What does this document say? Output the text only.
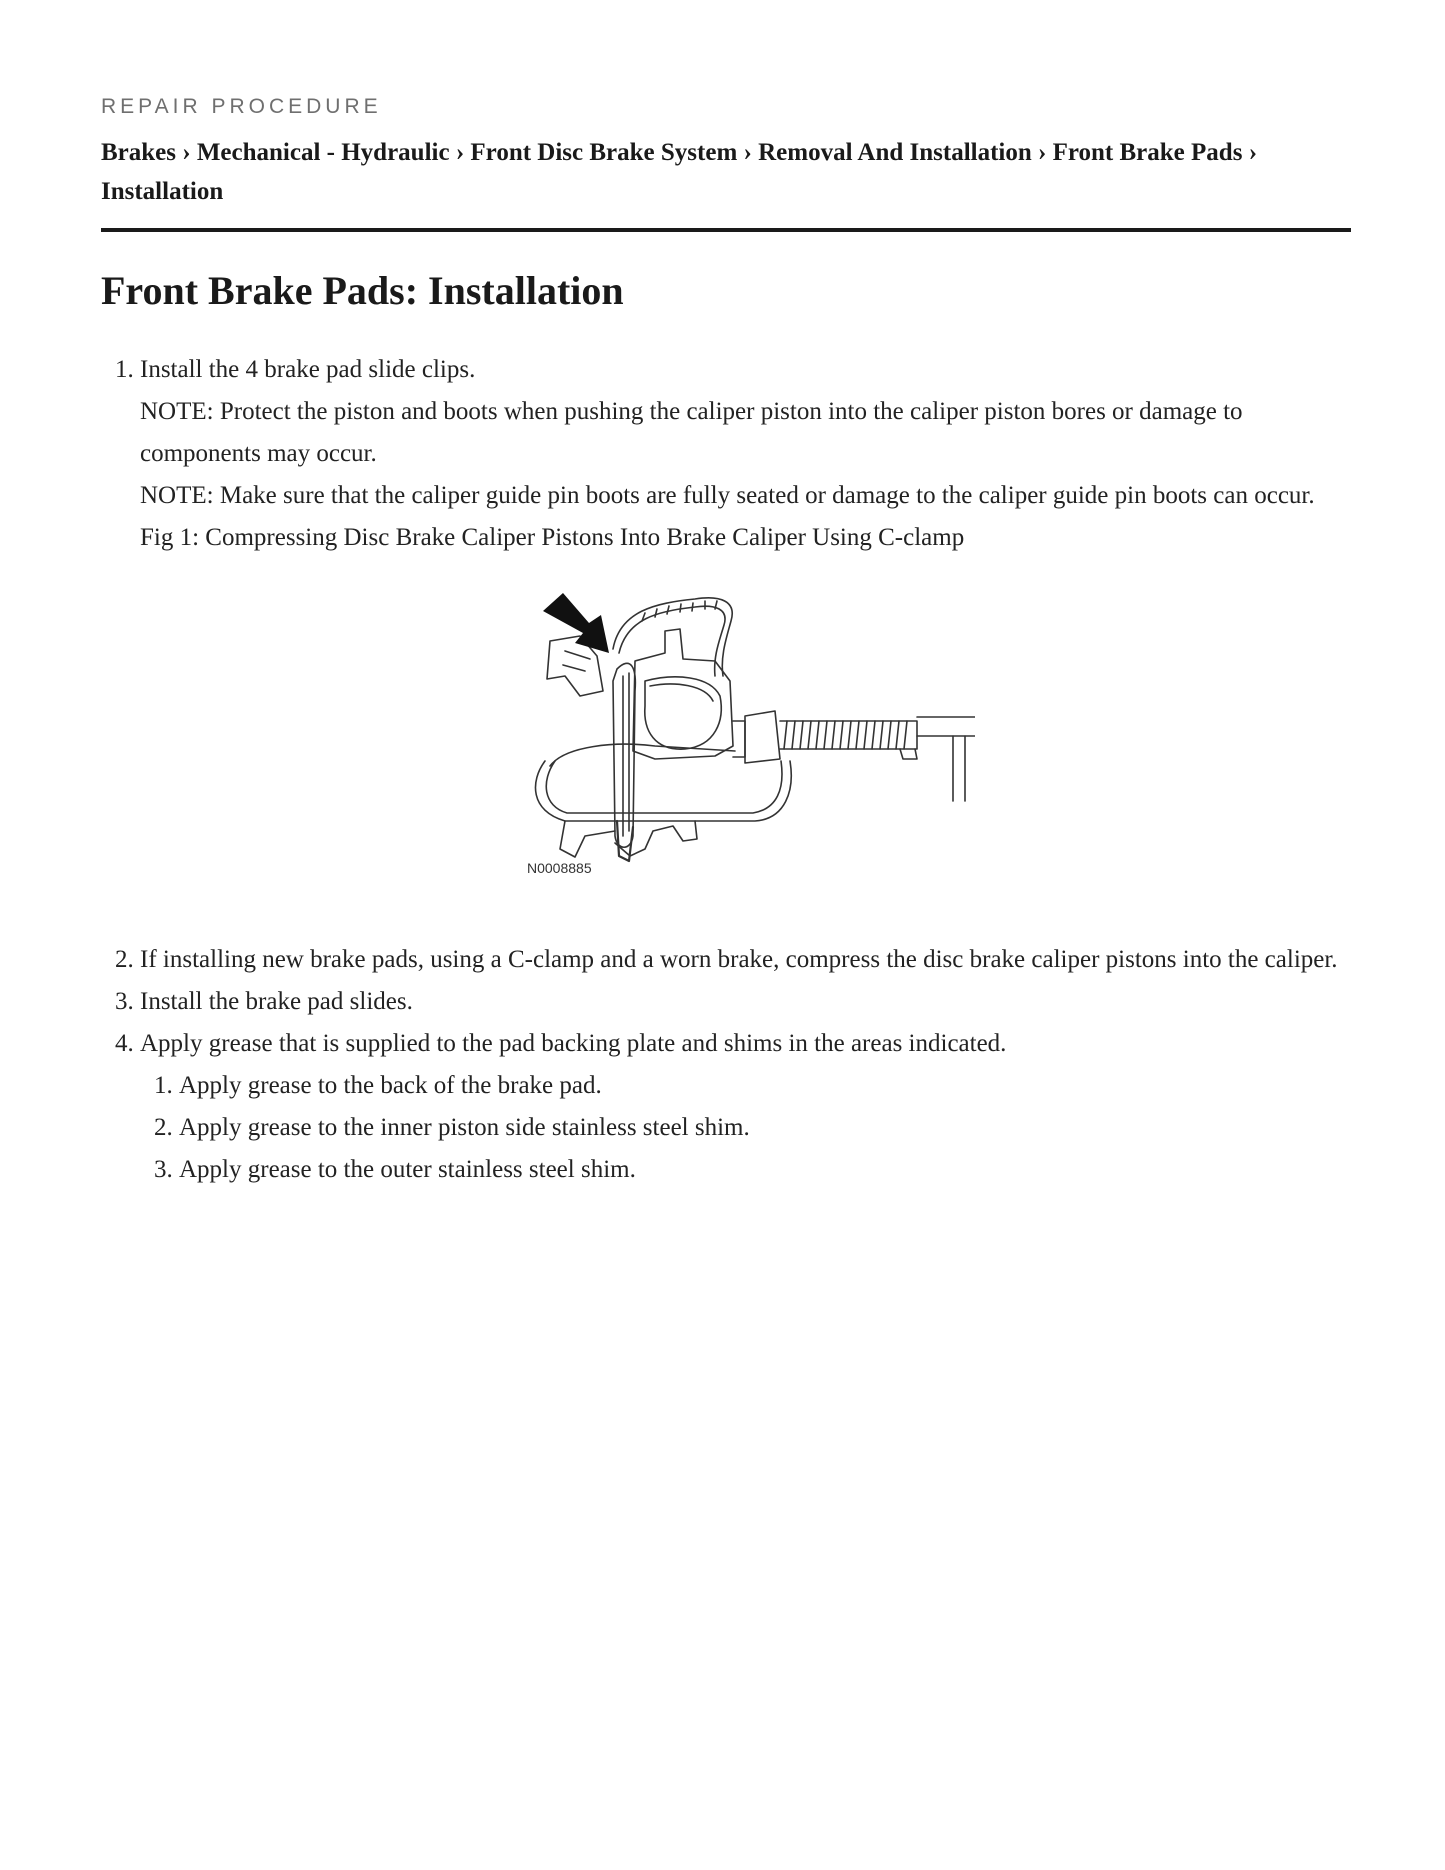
REPAIR PROCEDURE

Brakes › Mechanical - Hydraulic › Front Disc Brake System › Removal And Installation › Front Brake Pads › Installation
Front Brake Pads: Installation
1. Install the 4 brake pad slide clips.
NOTE: Protect the piston and boots when pushing the caliper piston into the caliper piston bores or damage to components may occur.
NOTE: Make sure that the caliper guide pin boots are fully seated or damage to the caliper guide pin boots can occur.
Fig 1: Compressing Disc Brake Caliper Pistons Into Brake Caliper Using C-clamp
N0008885
2. If installing new brake pads, using a C-clamp and a worn brake, compress the disc brake caliper pistons into the caliper.
3. Install the brake pad slides.
4. Apply grease that is supplied to the pad backing plate and shims in the areas indicated.
1. Apply grease to the back of the brake pad.
2. Apply grease to the inner piston side stainless steel shim.
3. Apply grease to the outer stainless steel shim.
